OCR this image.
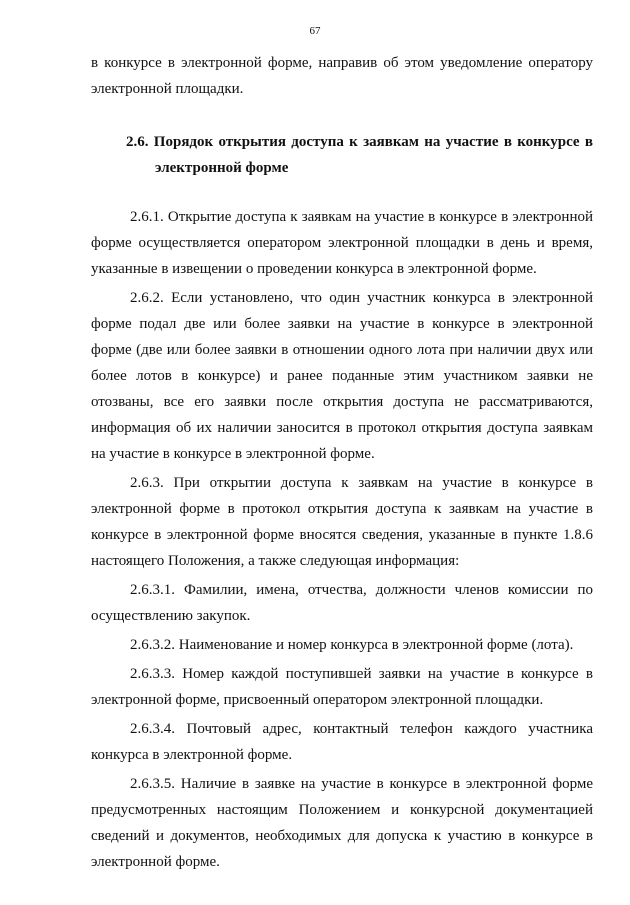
67

в конкурсе в электронной форме, направив об этом уведомление оператору электронной площадки.

2.6. Порядок открытия доступа к заявкам на участие в конкурсе в электронной форме

2.6.1. Открытие доступа к заявкам на участие в конкурсе в электронной форме осуществляется оператором электронной площадки в день и время, указанные в извещении о проведении конкурса в электронной форме.

2.6.2. Если установлено, что один участник конкурса в электронной форме подал две или более заявки на участие в конкурсе в электронной форме (две или более заявки в отношении одного лота при наличии двух или более лотов в конкурсе) и ранее поданные этим участником заявки не отозваны, все его заявки после открытия доступа не рассматриваются, информация об их наличии заносится в протокол открытия доступа заявкам на участие в конкурсе в электронной форме.

2.6.3. При открытии доступа к заявкам на участие в конкурсе в электронной форме в протокол открытия доступа к заявкам на участие в конкурсе в электронной форме вносятся сведения, указанные в пункте 1.8.6 настоящего Положения, а также следующая информация:

2.6.3.1. Фамилии, имена, отчества, должности членов комиссии по осуществлению закупок.

2.6.3.2. Наименование и номер конкурса в электронной форме (лота).

2.6.3.3. Номер каждой поступившей заявки на участие в конкурсе в электронной форме, присвоенный оператором электронной площадки.

2.6.3.4. Почтовый адрес, контактный телефон каждого участника конкурса в электронной форме.

2.6.3.5. Наличие в заявке на участие в конкурсе в электронной форме предусмотренных настоящим Положением и конкурсной документацией сведений и документов, необходимых для допуска к участию в конкурсе в электронной форме.
